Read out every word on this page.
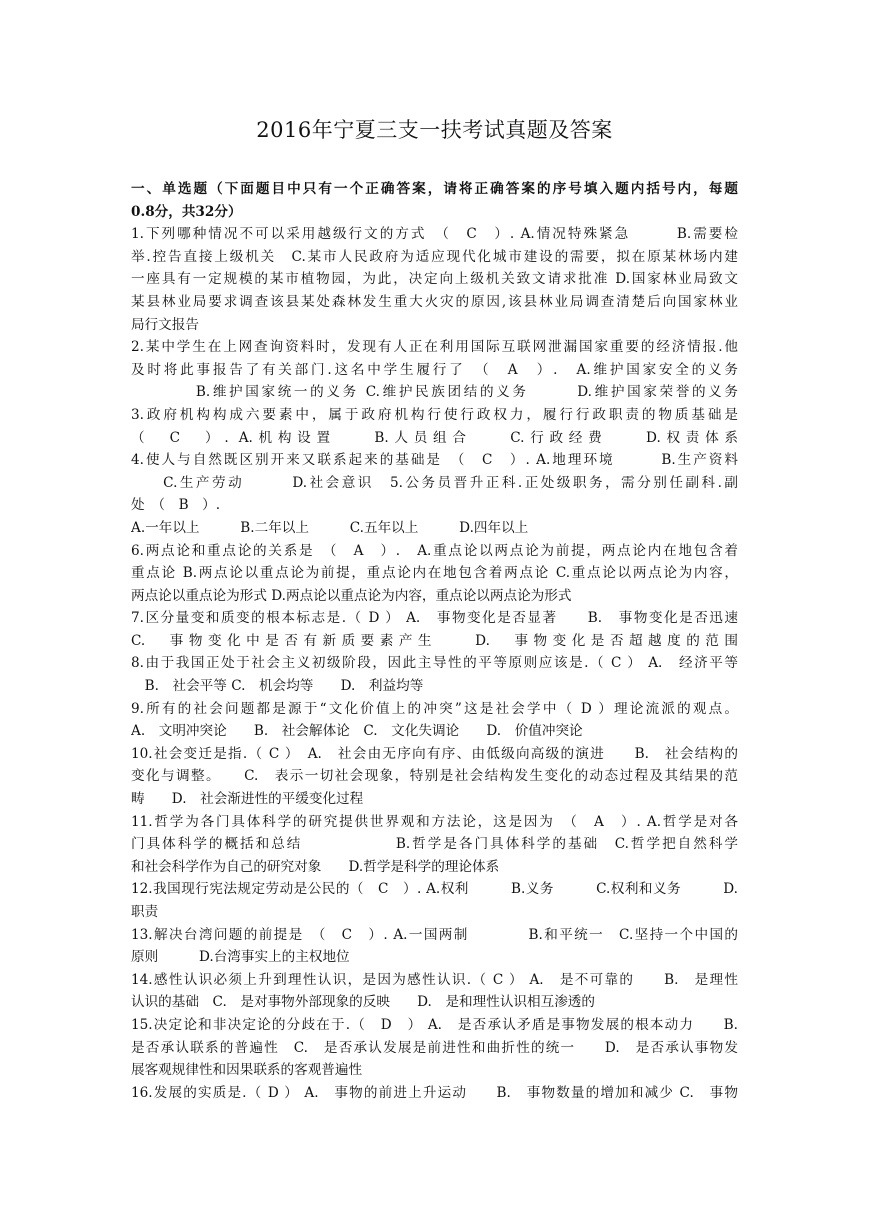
2016年宁夏三支一扶考试真题及答案
一、单选题（下面题目中只有一个正确答案，请将正确答案的序号填入题内括号内，每题
0.8分，共32分）
1.下列哪种情况不可以采用越级行文的方式　（　C　）. A.情况特殊紧急　　　B.需要检
举.控告直接上级机关　C.某市人民政府为适应现代化城市建设的需要，拟在原某林场内建
一座具有一定规模的某市植物园，为此，决定向上级机关致文请求批准 D.国家林业局致文
某县林业局要求调查该县某处森林发生重大火灾的原因,该县林业局调查清楚后向国家林业
局行文报告
2.某中学生在上网查询资料时，发现有人正在利用国际互联网泄漏国家重要的经济情报.他
及时将此事报告了有关部门.这名中学生履行了　（　A　）.　A.维护国家安全的义务
　　　　B.维护国家统一的义务 C.维护民族团结的义务　　　D.维护国家荣誉的义务
3.政府机构构成六要素中，属于政府机构行使行政权力，履行行政职责的物质基础是
（　C　）. A.机构设置　　B.人员组合　　C.行政经费　　D.权责体系
4.使人与自然既区别开来又联系起来的基础是　（　C　）. A.地理环境　　　B.生产资料
　　C.生产劳动　　　D.社会意识　5.公务员晋升正科.正处级职务，需分别任副科.副
处　（　B　）.
A.一年以上　　　B.二年以上　　　C.五年以上　　　D.四年以上
6.两点论和重点论的关系是　（　A　）.　A.重点论以两点论为前提，两点论内在地包含着
重点论 B.两点论以重点论为前提，重点论内在地包含着两点论 C.重点论以两点论为内容，
两点论以重点论为形式 D.两点论以重点论为内容，重点论以两点论为形式
7.区分量变和质变的根本标志是.（ D ） A.　事物变化是否显著　　B.　事物变化是否迅速
C.　事物变化中是否有新质要素产生　　D.　事物变化是否超越度的范围
8.由于我国正处于社会主义初级阶段，因此主导性的平等原则应该是.（ C ） A.　经济平等
　B.　社会平等 C.　机会均等　　D.　利益均等
9.所有的社会问题都是源于“文化价值上的冲突”这是社会学中（ D ）理论流派的观点。
A.　文明冲突论　　B.　社会解体论　C.　文化失调论　　D.　价值冲突论
10.社会变迁是指.（ C ）　A.　社会由无序向有序、由低级向高级的演进　　B.　社会结构的
变化与调整。　　C.　表示一切社会现象，特别是社会结构发生变化的动态过程及其结果的范
畴　　D.　社会渐进性的平缓变化过程
11.哲学为各门具体科学的研究提供世界观和方法论，这是因为　（　A　）. A.哲学是对各
门具体科学的概括和总结　　　　　　B.哲学是各门具体科学的基础　C.哲学把自然科学
和社会科学作为自己的研究对象　　D.哲学是科学的理论体系
12.我国现行宪法规定劳动是公民的（　C　）. A.权利　　　B.义务　　　C.权利和义务　　　D.
职责
13.解决台湾问题的前提是　（　C　）. A.一国两制　　　　B.和平统一　C.坚持一个中国的
原则　　　D.台湾事实上的主权地位
14.感性认识必须上升到理性认识，是因为感性认识.（ C ） A.　是不可靠的　　B.　是理性
认识的基础　C.　是对事物外部现象的反映　　D.　是和理性认识相互渗透的
15.决定论和非决定论的分歧在于.（　D　） A.　是否承认矛盾是事物发展的根本动力　　B.
是否承认联系的普遍性　C.　是否承认发展是前进性和曲折性的统一　　D.　是否承认事物发
展客观规律性和因果联系的客观普遍性
16.发展的实质是.（ D ） A.　事物的前进上升运动　　B.　事物数量的增加和减少 C.　事物
